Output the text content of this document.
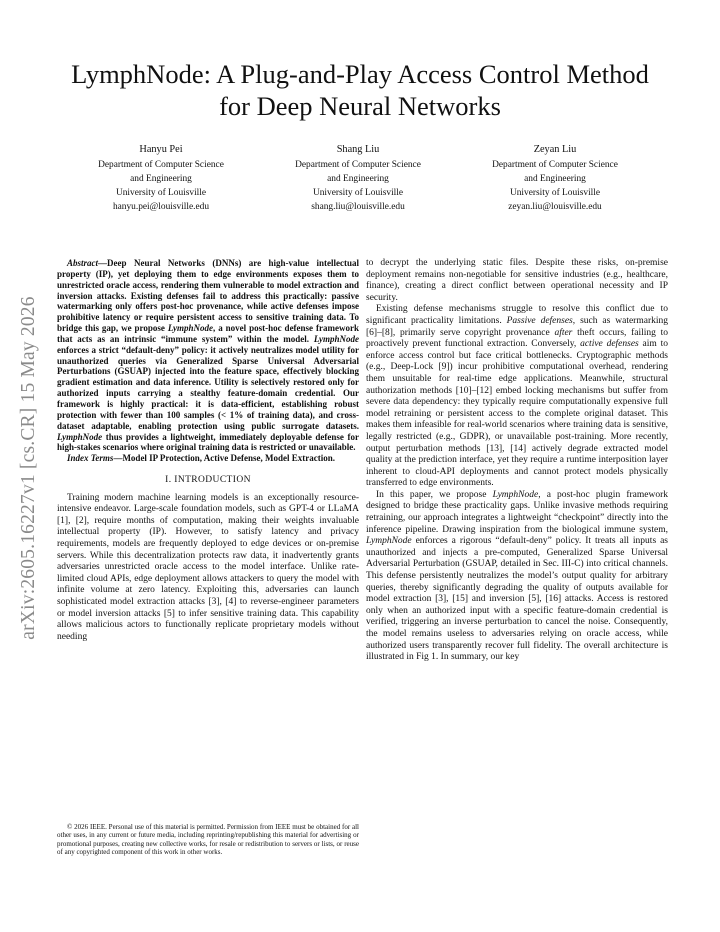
LymphNode: A Plug-and-Play Access Control Method for Deep Neural Networks
Hanyu Pei
Department of Computer Science
and Engineering
University of Louisville
hanyu.pei@louisville.edu
Shang Liu
Department of Computer Science
and Engineering
University of Louisville
shang.liu@louisville.edu
Zeyan Liu
Department of Computer Science
and Engineering
University of Louisville
zeyan.liu@louisville.edu
arXiv:2605.16227v1 [cs.CR] 15 May 2026

Abstract—Deep Neural Networks (DNNs) are high-value intellectual property (IP), yet deploying them to edge environments exposes them to unrestricted oracle access, rendering them vulnerable to model extraction and inversion attacks. Existing defenses fail to address this practically: passive watermarking only offers post-hoc provenance, while active defenses impose prohibitive latency or require persistent access to sensitive training data. To bridge this gap, we propose LymphNode, a novel post-hoc defense framework that acts as an intrinsic “immune system” within the model. LymphNode enforces a strict “default-deny” policy: it actively neutralizes model utility for unauthorized queries via Generalized Sparse Universal Adversarial Perturbations (GSUAP) injected into the feature space, effectively blocking gradient estimation and data inference. Utility is selectively restored only for authorized inputs carrying a stealthy feature-domain credential. Our framework is highly practical: it is data-efficient, establishing robust protection with fewer than 100 samples (< 1% of training data), and cross-dataset adaptable, enabling protection using public surrogate datasets. LymphNode thus provides a lightweight, immediately deployable defense for high-stakes scenarios where original training data is restricted or unavailable.

Index Terms—Model IP Protection, Active Defense, Model Extraction.

I. INTRODUCTION

Training modern machine learning models is an exceptionally resource-intensive endeavor. Large-scale foundation models, such as GPT-4 or LLaMA [1], [2], require months of computation, making their weights invaluable intellectual property (IP). However, to satisfy latency and privacy requirements, models are frequently deployed to edge devices or on-premise servers. While this decentralization protects raw data, it inadvertently grants adversaries unrestricted oracle access to the model interface. Unlike rate-limited cloud APIs, edge deployment allows attackers to query the model with infinite volume at zero latency. Exploiting this, adversaries can launch sophisticated model extraction attacks [3], [4] to reverse-engineer parameters or model inversion attacks [5] to infer sensitive training data. This capability allows malicious actors to functionally replicate proprietary models without needing

© 2026 IEEE. Personal use of this material is permitted. Permission from IEEE must be obtained for all other uses, in any current or future media, including reprinting/republishing this material for advertising or promotional purposes, creating new collective works, for resale or redistribution to servers or lists, or reuse of any copyrighted component of this work in other works.

to decrypt the underlying static files. Despite these risks, on-premise deployment remains non-negotiable for sensitive industries (e.g., healthcare, finance), creating a direct conflict between operational necessity and IP security.

Existing defense mechanisms struggle to resolve this conflict due to significant practicality limitations. Passive defenses, such as watermarking [6]–[8], primarily serve copyright provenance after theft occurs, failing to proactively prevent functional extraction. Conversely, active defenses aim to enforce access control but face critical bottlenecks. Cryptographic methods (e.g., Deep-Lock [9]) incur prohibitive computational overhead, rendering them unsuitable for real-time edge applications. Meanwhile, structural authorization methods [10]–[12] embed locking mechanisms but suffer from severe data dependency: they typically require computationally expensive full model retraining or persistent access to the complete original dataset. This makes them infeasible for real-world scenarios where training data is sensitive, legally restricted (e.g., GDPR), or unavailable post-training. More recently, output perturbation methods [13], [14] actively degrade extracted model quality at the prediction interface, yet they require a runtime interposition layer inherent to cloud-API deployments and cannot protect models physically transferred to edge environments.

In this paper, we propose LymphNode, a post-hoc plugin framework designed to bridge these practicality gaps. Unlike invasive methods requiring retraining, our approach integrates a lightweight “checkpoint” directly into the inference pipeline. Drawing inspiration from the biological immune system, LymphNode enforces a rigorous “default-deny” policy. It treats all inputs as unauthorized and injects a pre-computed, Generalized Sparse Universal Adversarial Perturbation (GSUAP, detailed in Sec. III-C) into critical channels. This defense persistently neutralizes the model’s output quality for arbitrary queries, thereby significantly degrading the quality of outputs available for model extraction [3], [15] and inversion [5], [16] attacks. Access is restored only when an authorized input with a specific feature-domain credential is verified, triggering an inverse perturbation to cancel the noise. Consequently, the model remains useless to adversaries relying on oracle access, while authorized users transparently recover full fidelity. The overall architecture is illustrated in Fig 1. In summary, our key
